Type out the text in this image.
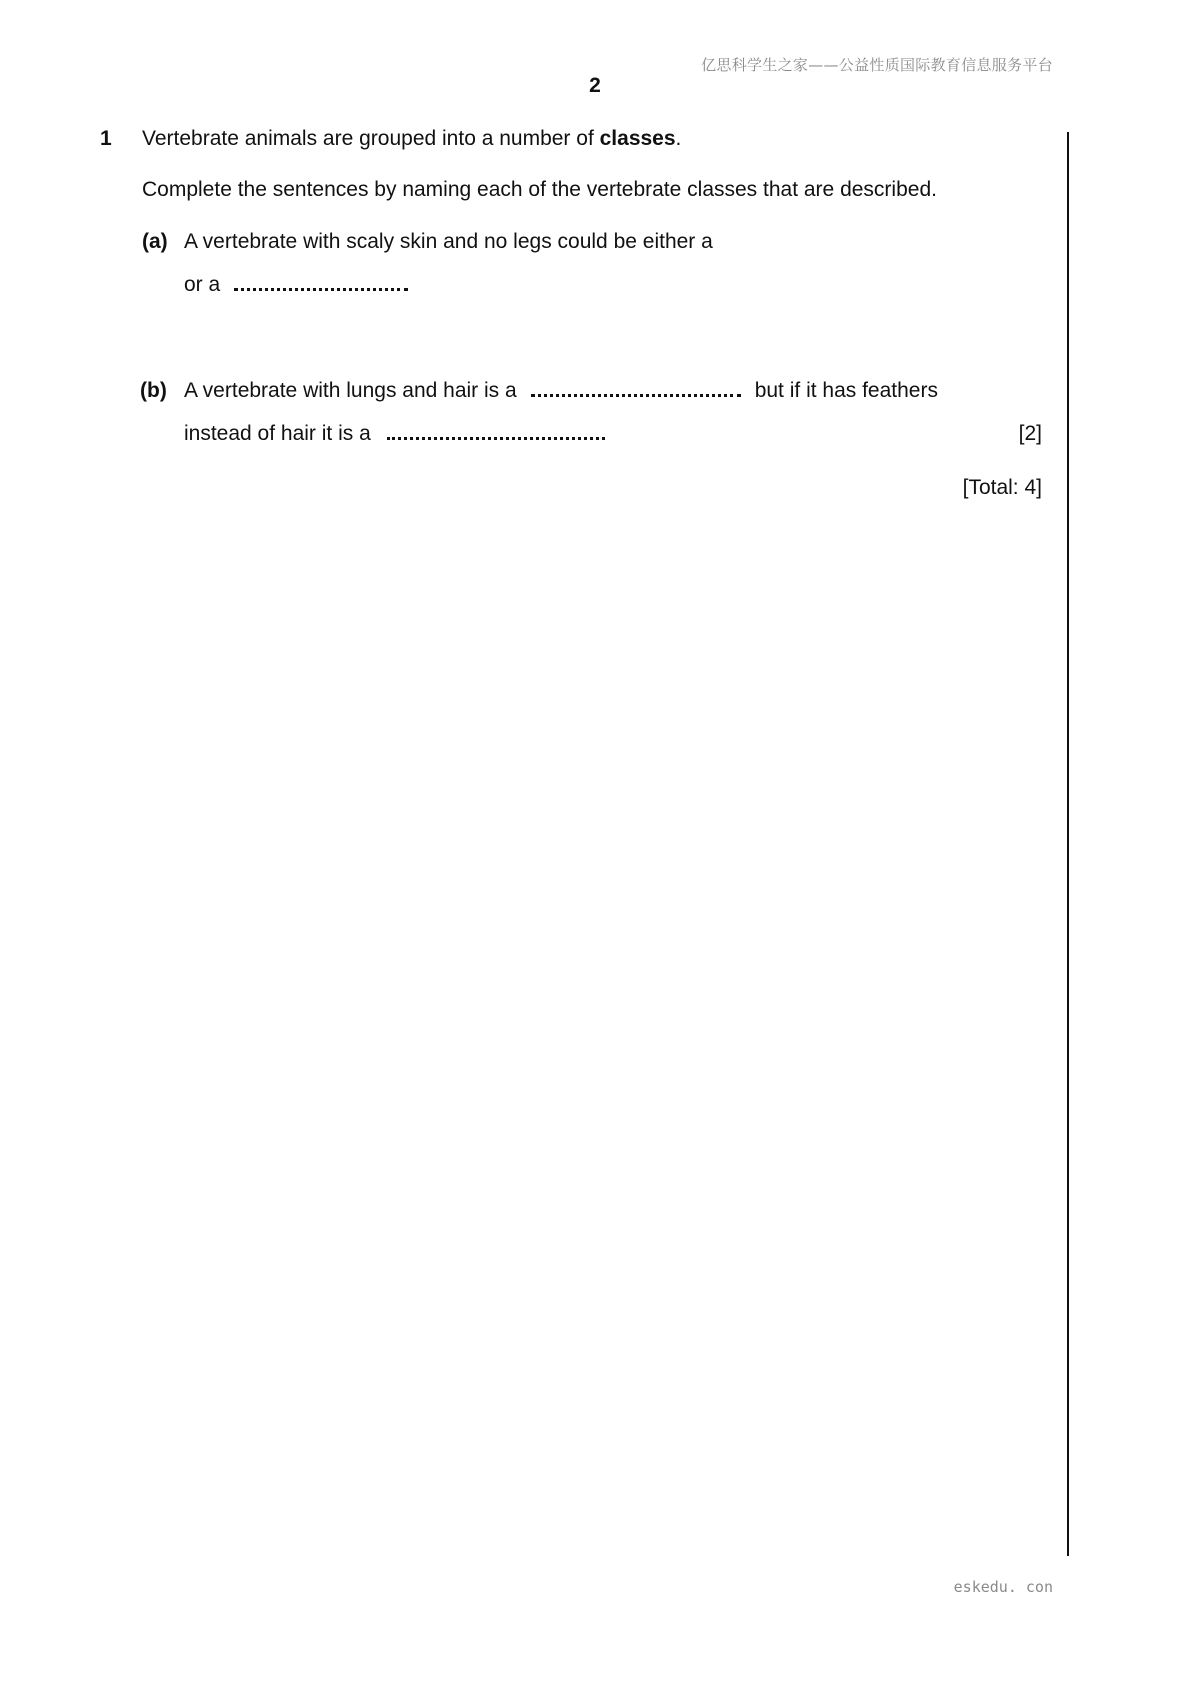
亿思科学生之家——公益性质国际教育信息服务平台
2
1 Vertebrate animals are grouped into a number of classes.
Complete the sentences by naming each of the vertebrate classes that are described.
(a) A vertebrate with scaly skin and no legs could be either a
or a
(b) A vertebrate with lungs and hair is a	but if it has feathers
instead of hair it is a	[2]
[Total: 4]
eskedu. con
